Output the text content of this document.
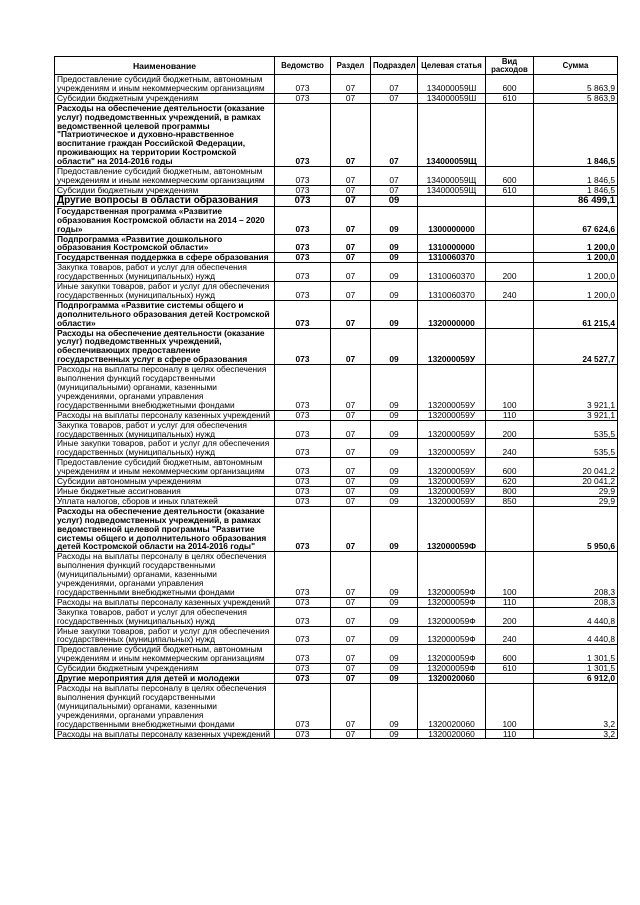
Наименование	Ведомство	Раздел	Подраздел	Целевая статья	Вид расходов	Сумма
Предоставление субсидий бюджетным, автономным учреждениям и иным некоммерческим организациям	073	07	07	134000059Ш	600	5 863,9
Субсидии бюджетным учреждениям	073	07	07	134000059Ш	610	5 863,9
Расходы на обеспечение деятельности (оказание услуг) подведомственных учреждений, в рамках ведомственной целевой программы "Патриотическое и духовно-нравственное воспитание граждан Российской Федерации, проживающих на территории Костромской области" на 2014-2016 годы	073	07	07	134000059Щ		1 846,5
Предоставление субсидий бюджетным, автономным учреждениям и иным некоммерческим организациям	073	07	07	134000059Щ	600	1 846,5
Субсидии бюджетным учреждениям	073	07	07	134000059Щ	610	1 846,5
Другие вопросы в области образования	073	07	09			86 499,1
Государственная программа «Развитие образования Костромской области на 2014 – 2020 годы»	073	07	09	1300000000		67 624,6
Подпрограмма «Развитие дошкольного образования Костромской области»	073	07	09	1310000000		1 200,0
Государственная поддержка в сфере образования	073	07	09	1310060370		1 200,0
Закупка товаров, работ и услуг для обеспечения государственных (муниципальных) нужд	073	07	09	1310060370	200	1 200,0
Иные закупки товаров, работ и услуг для обеспечения государственных (муниципальных) нужд	073	07	09	1310060370	240	1 200,0
Подпрограмма «Развитие системы общего и дополнительного образования детей Костромской области»	073	07	09	1320000000		61 215,4
Расходы на обеспечение деятельности (оказание услуг) подведомственных учреждений, обеспечивающих предоставление государственных услуг в сфере образования	073	07	09	132000059У		24 527,7
Расходы на выплаты персоналу в целях обеспечения выполнения функций государственными (муниципальными) органами, казенными учреждениями, органами управления государственными внебюджетными фондами	073	07	09	132000059У	100	3 921,1
Расходы на выплаты персоналу казенных учреждений	073	07	09	132000059У	110	3 921,1
Закупка товаров, работ и услуг для обеспечения государственных (муниципальных) нужд	073	07	09	132000059У	200	535,5
Иные закупки товаров, работ и услуг для обеспечения государственных (муниципальных) нужд	073	07	09	132000059У	240	535,5
Предоставление субсидий бюджетным, автономным учреждениям и иным некоммерческим организациям	073	07	09	132000059У	600	20 041,2
Субсидии автономным учреждениям	073	07	09	132000059У	620	20 041,2
Иные бюджетные ассигнования	073	07	09	132000059У	800	29,9
Уплата налогов, сборов и иных платежей	073	07	09	132000059У	850	29,9
Расходы на обеспечение деятельности (оказание услуг) подведомственных учреждений, в рамках ведомственной целевой программы "Развитие системы общего и дополнительного образования детей Костромской области на 2014-2016 годы"	073	07	09	132000059Ф		5 950,6
Расходы на выплаты персоналу в целях обеспечения выполнения функций государственными (муниципальными) органами, казенными учреждениями, органами управления государственными внебюджетными фондами	073	07	09	132000059Ф	100	208,3
Расходы на выплаты персоналу казенных учреждений	073	07	09	132000059Ф	110	208,3
Закупка товаров, работ и услуг для обеспечения государственных (муниципальных) нужд	073	07	09	132000059Ф	200	4 440,8
Иные закупки товаров, работ и услуг для обеспечения государственных (муниципальных) нужд	073	07	09	132000059Ф	240	4 440,8
Предоставление субсидий бюджетным, автономным учреждениям и иным некоммерческим организациям	073	07	09	132000059Ф	600	1 301,5
Субсидии бюджетным учреждениям	073	07	09	132000059Ф	610	1 301,5
Другие мероприятия для детей и молодежи	073	07	09	1320020060		6 912,0
Расходы на выплаты персоналу в целях обеспечения выполнения функций государственными (муниципальными) органами, казенными учреждениями, органами управления государственными внебюджетными фондами	073	07	09	1320020060	100	3,2
Расходы на выплаты персоналу казенных учреждений	073	07	09	1320020060	110	3,2
